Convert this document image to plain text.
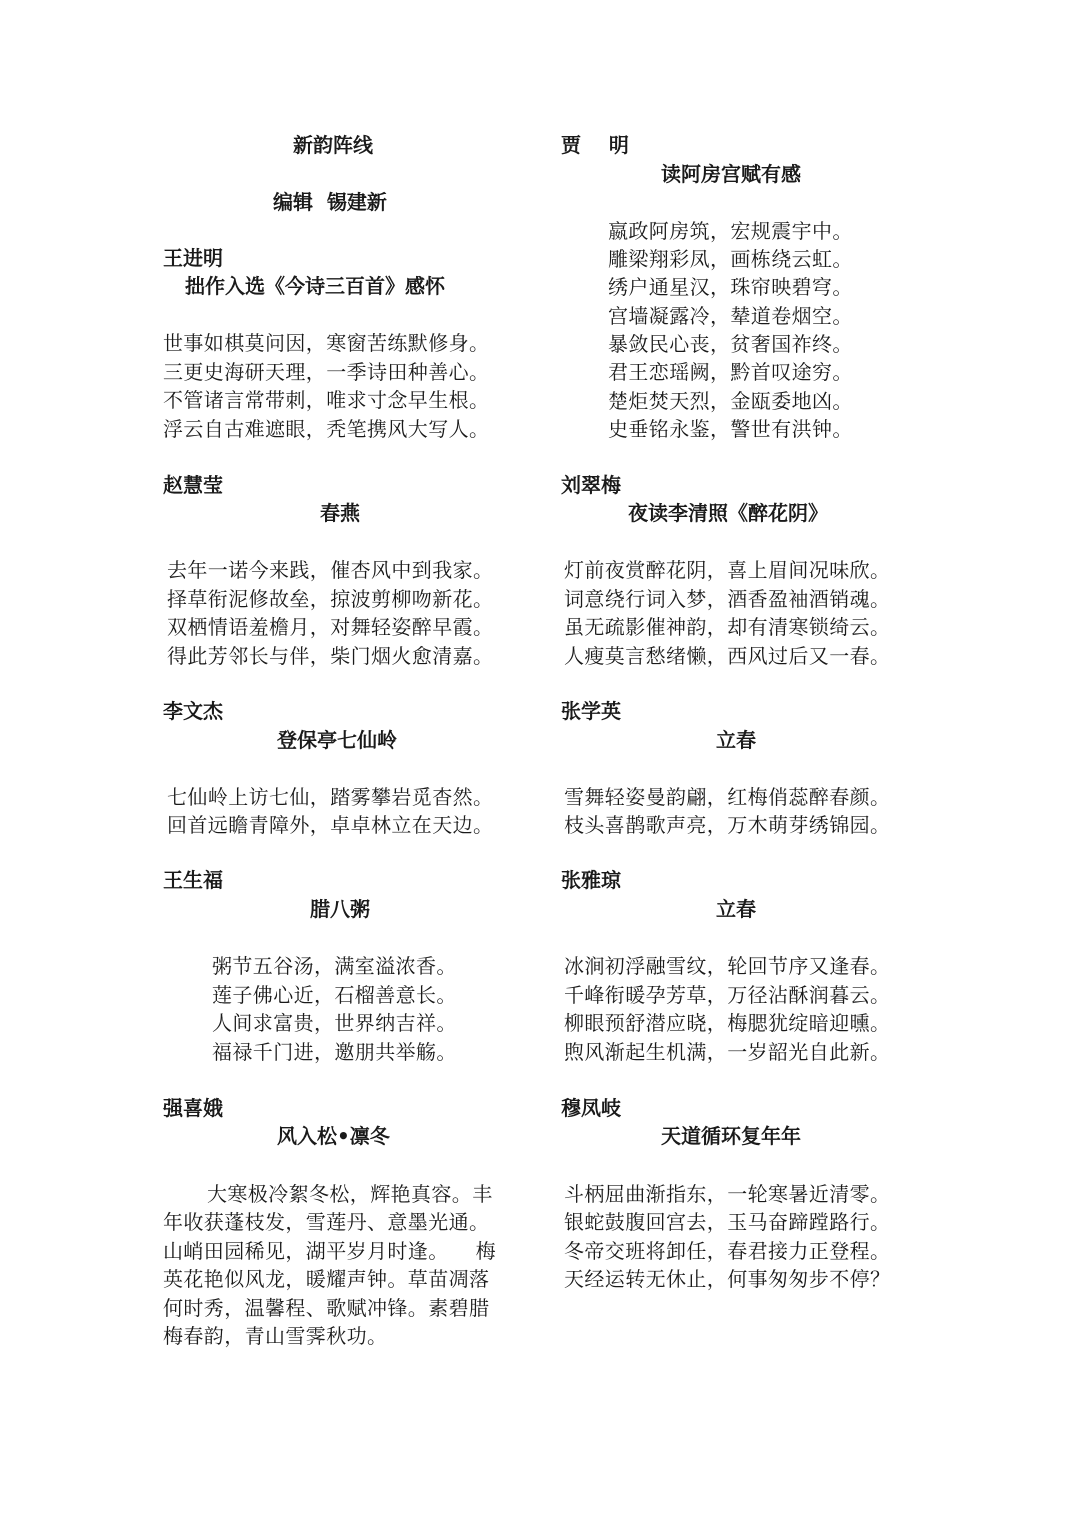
新韵阵线
编辑  锡建新
王进明
拙作入选《今诗三百首》感怀
世事如棋莫问因，寒窗苦练默修身。
三更史海研天理，一季诗田种善心。
不管诸言常带刺，唯求寸念早生根。
浮云自古难遮眼，秃笔携风大写人。
赵慧莹
春燕
去年一诺今来践，催杏风中到我家。
择草衔泥修故垒，掠波剪柳吻新花。
双栖情语羞檐月，对舞轻姿醉早霞。
得此芳邻长与伴，柴门烟火愈清嘉。
李文杰
登保亭七仙岭
七仙岭上访七仙，踏雾攀岩觅杳然。
回首远瞻青障外，卓卓林立在天边。
王生福
腊八粥
粥节五谷汤，满室溢浓香。
莲子佛心近，石榴善意长。
人间求富贵，世界纳吉祥。
福禄千门进，邀朋共举觞。
强喜娥
风入松•凛冬
大寒极冷絮冬松，辉艳真容。丰
年收获蓬枝发，雪莲丹、意墨光通。
山峭田园稀见，湖平岁月时逢。    梅
英花艳似风龙，暖耀声钟。草苗凋落
何时秀，温馨程、歌赋冲锋。素碧腊
梅春韵，青山雪霁秋功。
贾    明
读阿房宫赋有感
嬴政阿房筑，宏规震宇中。
雕梁翔彩凤，画栋绕云虹。
绣户通星汉，珠帘映碧穹。
宫墙凝露冷，辇道卷烟空。
暴敛民心丧，贫奢国祚终。
君王恋瑶阙，黔首叹途穷。
楚炬焚天烈，金瓯委地凶。
史垂铭永鉴，警世有洪钟。
刘翠梅
夜读李清照《醉花阴》
灯前夜赏醉花阴，喜上眉间况味欣。
词意绕行词入梦，酒香盈袖酒销魂。
虽无疏影催神韵，却有清寒锁绮云。
人瘦莫言愁绪懒，西风过后又一春。
张学英
立春
雪舞轻姿曼韵翩，红梅俏蕊醉春颜。
枝头喜鹊歌声亮，万木萌芽绣锦园。
张雅琼
立春
冰涧初浮融雪纹，轮回节序又逢春。
千峰衔暖孕芳草，万径沾酥润暮云。
柳眼预舒潜应晓，梅腮犹绽暗迎曛。
煦风渐起生机满，一岁韶光自此新。
穆凤岐
天道循环复年年
斗柄屈曲渐指东，一轮寒暑近清零。
银蛇鼓腹回宫去，玉马奋蹄蹚路行。
冬帝交班将卸任，春君接力正登程。
天经运转无休止，何事匆匆步不停？
